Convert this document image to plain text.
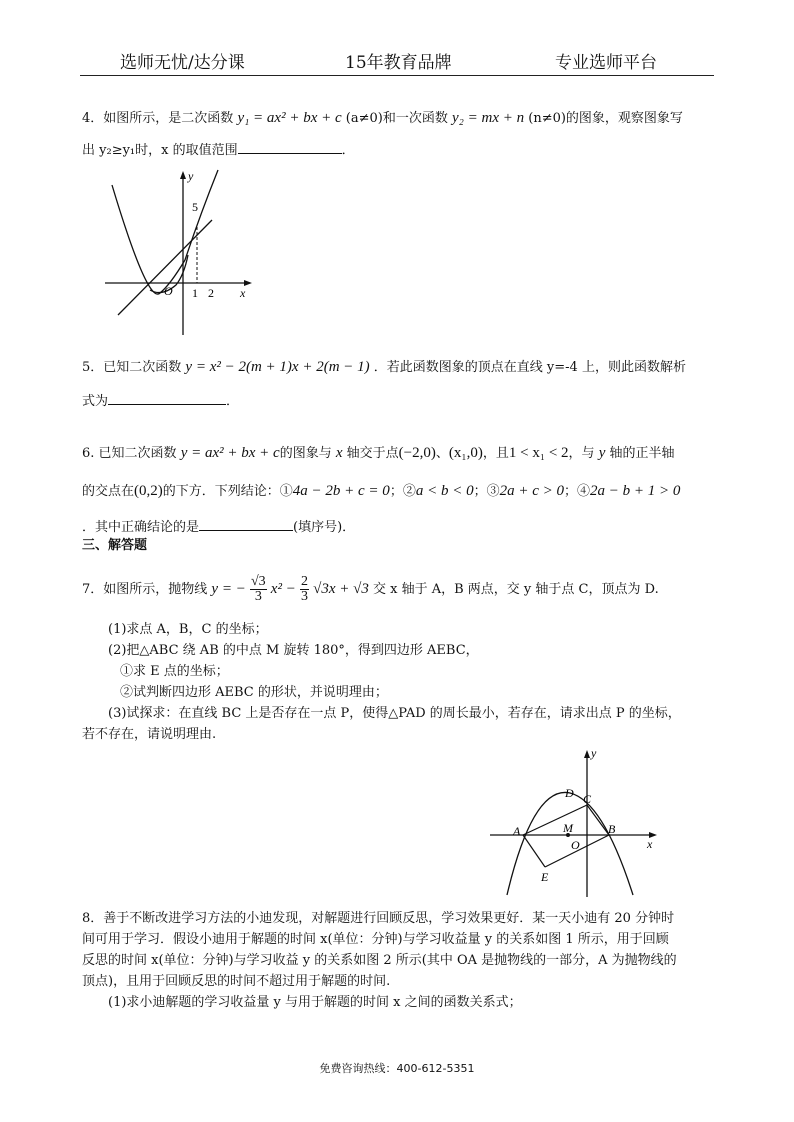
选师无忧/达分课	15年教育品牌	专业选师平台
4．如图所示，是二次函数 y₁ = ax² + bx + c (a≠0)和一次函数 y₂ = mx + n (n≠0)的图象，观察图象写
出 y₂≥y₁时，x 的取值范围	．
y
x
O
5
1 2
5．已知二次函数 y = x² − 2(m + 1)x + 2(m − 1) ．若此函数图象的顶点在直线 y=-4 上，则此函数解析
式为	．
6. 已知二次函数 y = ax² + bx + c的图象与 x 轴交于点(−2,0)、(x₁,0)，且1 < x₁ < 2，与 y 轴的正半轴
的交点在(0,2)的下方．下列结论：①4a − 2b + c = 0；②a < b < 0；③2a + c > 0；④2a − b + 1 > 0
．其中正确结论的是	(填序号)．
三、解答题
7．如图所示，抛物线 y = − $\frac{√3}{3} x^2 - \frac{2}{3} √3x + √3$ 交 x 轴于 A，B 两点，交 y 轴于点 C，顶点为 D.
(1)求点 A，B，C 的坐标；
(2)把△ABC 绕 AB 的中点 M 旋转 180°，得到四边形 AEBC，
①求 E 点的坐标；
②试判断四边形 AEBC 的形状，并说明理由；
(3)试探求：在直线 BC 上是否存在一点 P，使得△PAD 的周长最小，若存在，请求出点 P 的坐标，
若不存在，请说明理由.
y
x
D C
A	M	B
O
E
8．善于不断改进学习方法的小迪发现，对解题进行回顾反思，学习效果更好．某一天小迪有 20 分钟时
间可用于学习．假设小迪用于解题的时间 x(单位：分钟)与学习收益量 y 的关系如图 1 所示，用于回顾
反思的时间 x(单位：分钟)与学习收益 y 的关系如图 2 所示(其中 OA 是抛物线的一部分，A 为抛物线的
顶点)，且用于回顾反思的时间不超过用于解题的时间.
(1)求小迪解题的学习收益量 y 与用于解题的时间 x 之间的函数关系式；
免费咨询热线：400-612-5351
